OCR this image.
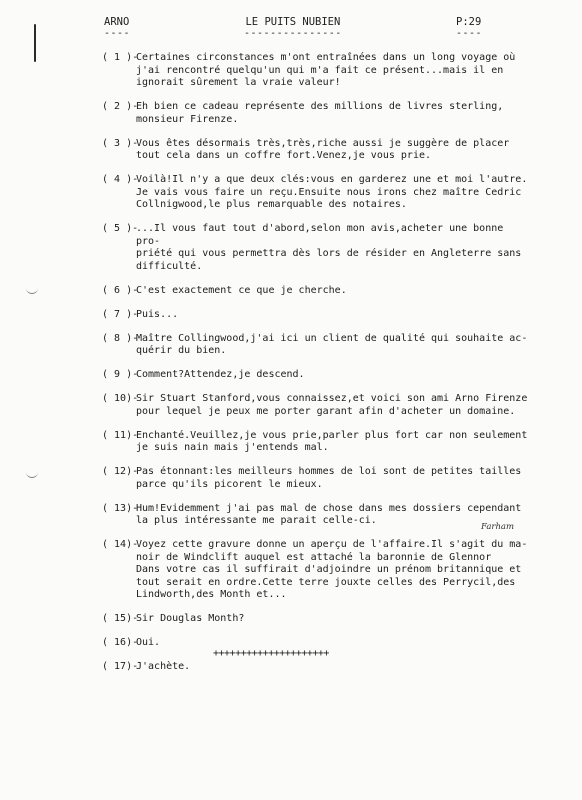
ARNO
----
LE PUITS NUBIEN
---------------
P:29
----
( 1 )-
Certaines circonstances m'ont entraînées dans un long voyage où
j'ai rencontré quelqu'un qui m'a fait ce présent...mais il en
ignorait sûrement la vraie valeur!
( 2 )-
Eh bien ce cadeau représente des millions de livres sterling,
monsieur Firenze.
( 3 )-
Vous êtes désormais très,très,riche aussi je suggère de placer
tout cela dans un coffre fort.Venez,je vous prie.
( 4 )-
Voilà!Il n'y a que deux clés:vous en garderez une et moi l'autre.
Je vais vous faire un reçu.Ensuite nous irons chez maître Cedric
Collnigwood,le plus remarquable des notaires.
( 5 )-
...Il vous faut tout d'abord,selon mon avis,acheter une bonne pro-
priété qui vous permettra dès lors de résider en Angleterre sans
difficulté.
( 6 )-
C'est exactement ce que je cherche.
( 7 )-
Puis...
( 8 )-
Maître Collingwood,j'ai ici un client de qualité qui souhaite ac-
quérir du bien.
( 9 )-
Comment?Attendez,je descend.
( 10)-
Sir Stuart Stanford,vous connaissez,et voici son ami Arno Firenze
pour lequel je peux me porter garant afin d'acheter un domaine.
( 11)-
Enchanté.Veuillez,je vous prie,parler plus fort car non seulement
je suis nain mais j'entends mal.
( 12)-
Pas étonnant:les meilleurs hommes de loi sont de petites tailles
parce qu'ils picorent le mieux.
( 13)-
Hum!Evidemment j'ai pas mal de chose dans mes dossiers cependant
la plus intéressante me parait celle-ci.
( 14)-
Voyez cette gravure donne un aperçu de l'affaire.Il s'agit du ma-
noir de Windclift auquel est attaché la baronnie de Glennor
Dans votre cas il suffirait d'adjoindre un prénom britannique et
tout serait en ordre.Cette terre jouxte celles des Perrycil,des
Lindworth,des Month et...
( 15)-
Sir Douglas Month?
( 16)-
Oui.
( 17)-
J'achète.
Farham
+++++++++++++++++++++
